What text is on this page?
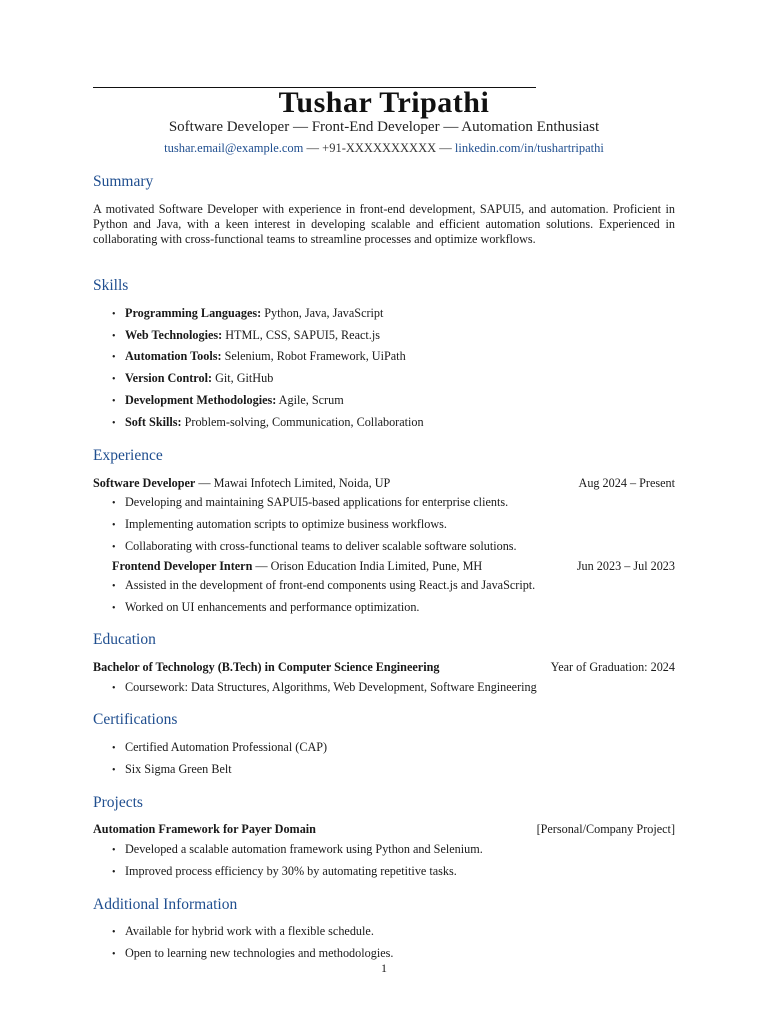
Tushar Tripathi
Software Developer — Front-End Developer — Automation Enthusiast
tushar.email@example.com — +91-XXXXXXXXXX — linkedin.com/in/tushartripathi
Summary
A motivated Software Developer with experience in front-end development, SAPUI5, and automation. Proficient in Python and Java, with a keen interest in developing scalable and efficient automation solutions. Experienced in collaborating with cross-functional teams to streamline processes and optimize workflows.
Skills
• Programming Languages: Python, Java, JavaScript
• Web Technologies: HTML, CSS, SAPUI5, React.js
• Automation Tools: Selenium, Robot Framework, UiPath
• Version Control: Git, GitHub
• Development Methodologies: Agile, Scrum
• Soft Skills: Problem-solving, Communication, Collaboration
Experience
Software Developer — Mawai Infotech Limited, Noida, UP	Aug 2024 – Present
• Developing and maintaining SAPUI5-based applications for enterprise clients.
• Implementing automation scripts to optimize business workflows.
• Collaborating with cross-functional teams to deliver scalable software solutions.
Frontend Developer Intern — Orison Education India Limited, Pune, MH	Jun 2023 – Jul 2023
• Assisted in the development of front-end components using React.js and JavaScript.
• Worked on UI enhancements and performance optimization.
Education
Bachelor of Technology (B.Tech) in Computer Science Engineering	Year of Graduation: 2024
• Coursework: Data Structures, Algorithms, Web Development, Software Engineering
Certifications
• Certified Automation Professional (CAP)
• Six Sigma Green Belt
Projects
Automation Framework for Payer Domain	[Personal/Company Project]
• Developed a scalable automation framework using Python and Selenium.
• Improved process efficiency by 30% by automating repetitive tasks.
Additional Information
• Available for hybrid work with a flexible schedule.
• Open to learning new technologies and methodologies.
1
